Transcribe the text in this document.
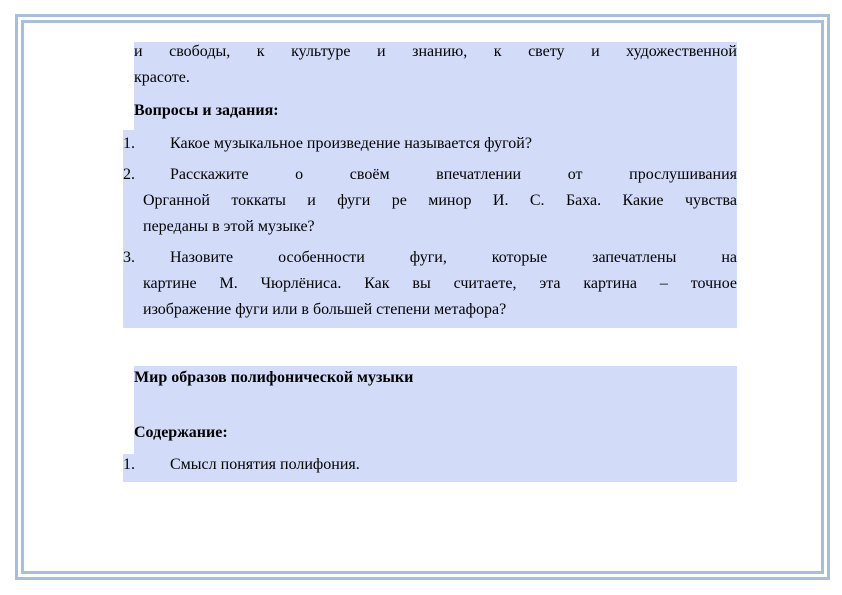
и свободы, к культуре и знанию, к свету и художественной
красоте.
Вопросы и задания:
1. Какое музыкальное произведение называется фугой?
2. Расскажите о своём впечатлении от прослушивания
Органной токкаты и фуги ре минор И. С. Баха. Какие чувства
переданы в этой музыке?
3. Назовите особенности фуги, которые запечатлены на
картине М. Чюрлёниса. Как вы считаете, эта картина – точное
изображение фуги или в большей степени метафора?
Мир образов полифонической музыки
Содержание:
1. Смысл понятия полифония.
